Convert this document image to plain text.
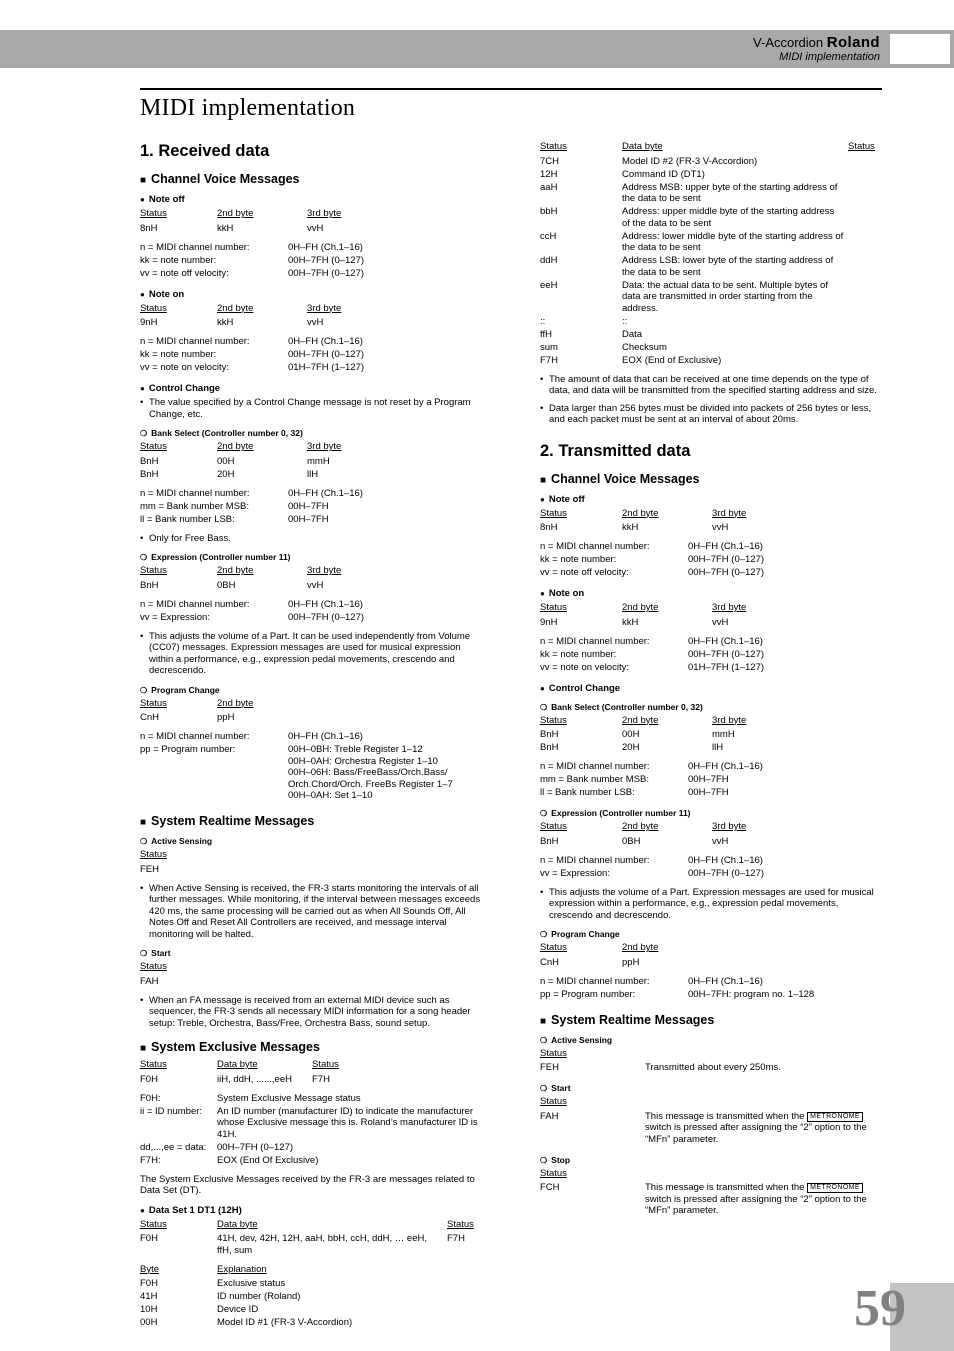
V-Accordion Roland
MIDI implementation
MIDI implementation
1. Received data
■ Channel Voice Messages
● Note off
Status	2nd byte	3rd byte
8nH	kkH	vvH
n = MIDI channel number:	0H–FH (Ch.1–16)
kk = note number:	00H–7FH (0–127)
vv = note off velocity:	00H–7FH (0–127)
● Note on
Status	2nd byte	3rd byte
9nH	kkH	vvH
n = MIDI channel number:	0H–FH (Ch.1–16)
kk = note number:	00H–7FH (0–127)
vv = note on velocity:	01H–7FH (1–127)
● Control Change
• The value specified by a Control Change message is not reset by a Program Change, etc.
❍ Bank Select (Controller number 0, 32)
Status	2nd byte	3rd byte
BnH	00H	mmH
BnH	20H	llH
n = MIDI channel number:	0H–FH (Ch.1–16)
mm = Bank number MSB:	00H–7FH
ll = Bank number LSB:	00H–7FH
• Only for Free Bass.
❍ Expression (Controller number 11)
Status	2nd byte	3rd byte
BnH	0BH	vvH
n = MIDI channel number:	0H–FH (Ch.1–16)
vv = Expression:	00H–7FH (0–127)
• This adjusts the volume of a Part. It can be used independently from Volume (CC07) messages. Expression messages are used for musical expression within a performance, e.g., expression pedal movements, crescendo and decrescendo.
❍ Program Change
Status	2nd byte
CnH	ppH
n = MIDI channel number:	0H–FH (Ch.1–16)
pp = Program number:	00H–0BH: Treble Register 1–12
00H–0AH: Orchestra Register 1–10
00H–06H: Bass/FreeBass/Orch.Bass/
Orch.Chord/Orch. FreeBs Register 1–7
00H–0AH: Set 1–10
■ System Realtime Messages
❍ Active Sensing
Status
FEH
• When Active Sensing is received, the FR-3 starts monitoring the intervals of all further messages. While monitoring, if the interval between messages exceeds 420 ms, the same processing will be carried out as when All Sounds Off, All Notes Off and Reset All Controllers are received, and message interval monitoring will be halted.
❍ Start
Status
FAH
• When an FA message is received from an external MIDI device such as sequencer, the FR-3 sends all necessary MIDI information for a song header setup: Treble, Orchestra, Bass/Free, Orchestra Bass, sound setup.
■ System Exclusive Messages
Status	Data byte	Status
F0H	iiH, ddH, ......,eeH	F7H
F0H:	System Exclusive Message status
ii = ID number:	An ID number (manufacturer ID) to indicate the manufacturer whose Exclusive message this is. Roland’s manufacturer ID is 41H.
dd,...,ee = data:	00H–7FH (0–127)
F7H:	EOX (End Of Exclusive)
The System Exclusive Messages received by the FR-3 are messages related to Data Set (DT).
● Data Set 1 DT1 (12H)
Status	Data byte	Status
F0H	41H, dev, 42H, 12H, aaH, bbH, ccH, ddH, … eeH, ffH, sum	F7H
Byte	Explanation
F0H	Exclusive status
41H	ID number (Roland)
10H	Device ID
00H	Model ID #1 (FR-3 V-Accordion)
Status	Data byte	Status
7CH	Model ID #2 (FR-3 V-Accordion)	
12H	Command ID (DT1)	
aaH	Address MSB: upper byte of the starting address of the data to be sent	
bbH	Address: upper middle byte of the starting address of the data to be sent	
ccH	Address: lower middle byte of the starting address of the data to be sent	
ddH	Address LSB: lower byte of the starting address of the data to be sent	
eeH	Data: the actual data to be sent. Multiple bytes of data are transmitted in order starting from the address.	
::	::	
ffH	Data	
sum	Checksum	
F7H	EOX (End of Exclusive)	
• The amount of data that can be received at one time depends on the type of data, and data will be transmitted from the specified starting address and size.
• Data larger than 256 bytes must be divided into packets of 256 bytes or less, and each packet must be sent at an interval of about 20ms.
2. Transmitted data
■ Channel Voice Messages
● Note off
Status	2nd byte	3rd byte
8nH	kkH	vvH
n = MIDI channel number:	0H–FH (Ch.1–16)
kk = note number:	00H–7FH (0–127)
vv = note off velocity:	00H–7FH (0–127)
● Note on
Status	2nd byte	3rd byte
9nH	kkH	vvH
n = MIDI channel number:	0H–FH (Ch.1–16)
kk = note number:	00H–7FH (0–127)
vv = note on velocity:	01H–7FH (1–127)
● Control Change
❍ Bank Select (Controller number 0, 32)
Status	2nd byte	3rd byte
BnH	00H	mmH
BnH	20H	llH
n = MIDI channel number:	0H–FH (Ch.1–16)
mm = Bank number MSB:	00H–7FH
ll = Bank number LSB:	00H–7FH
❍ Expression (Controller number 11)
Status	2nd byte	3rd byte
BnH	0BH	vvH
n = MIDI channel number:	0H–FH (Ch.1–16)
vv = Expression:	00H–7FH (0–127)
• This adjusts the volume of a Part. Expression messages are used for musical expression within a performance, e.g., expression pedal movements, crescendo and decrescendo.
❍ Program Change
Status	2nd byte
CnH	ppH
n = MIDI channel number:	0H–FH (Ch.1–16)
pp = Program number:	00H–7FH: program no. 1–128
■ System Realtime Messages
❍ Active Sensing
Status	
FEH	Transmitted about every 250ms.
❍ Start
Status	
FAH	This message is transmitted when the METRONOME switch is pressed after assigning the “2” option to the “MFn” parameter.
❍ Stop
Status	
FCH	This message is transmitted when the METRONOME switch is pressed after assigning the “2” option to the “MFn” parameter.
59
